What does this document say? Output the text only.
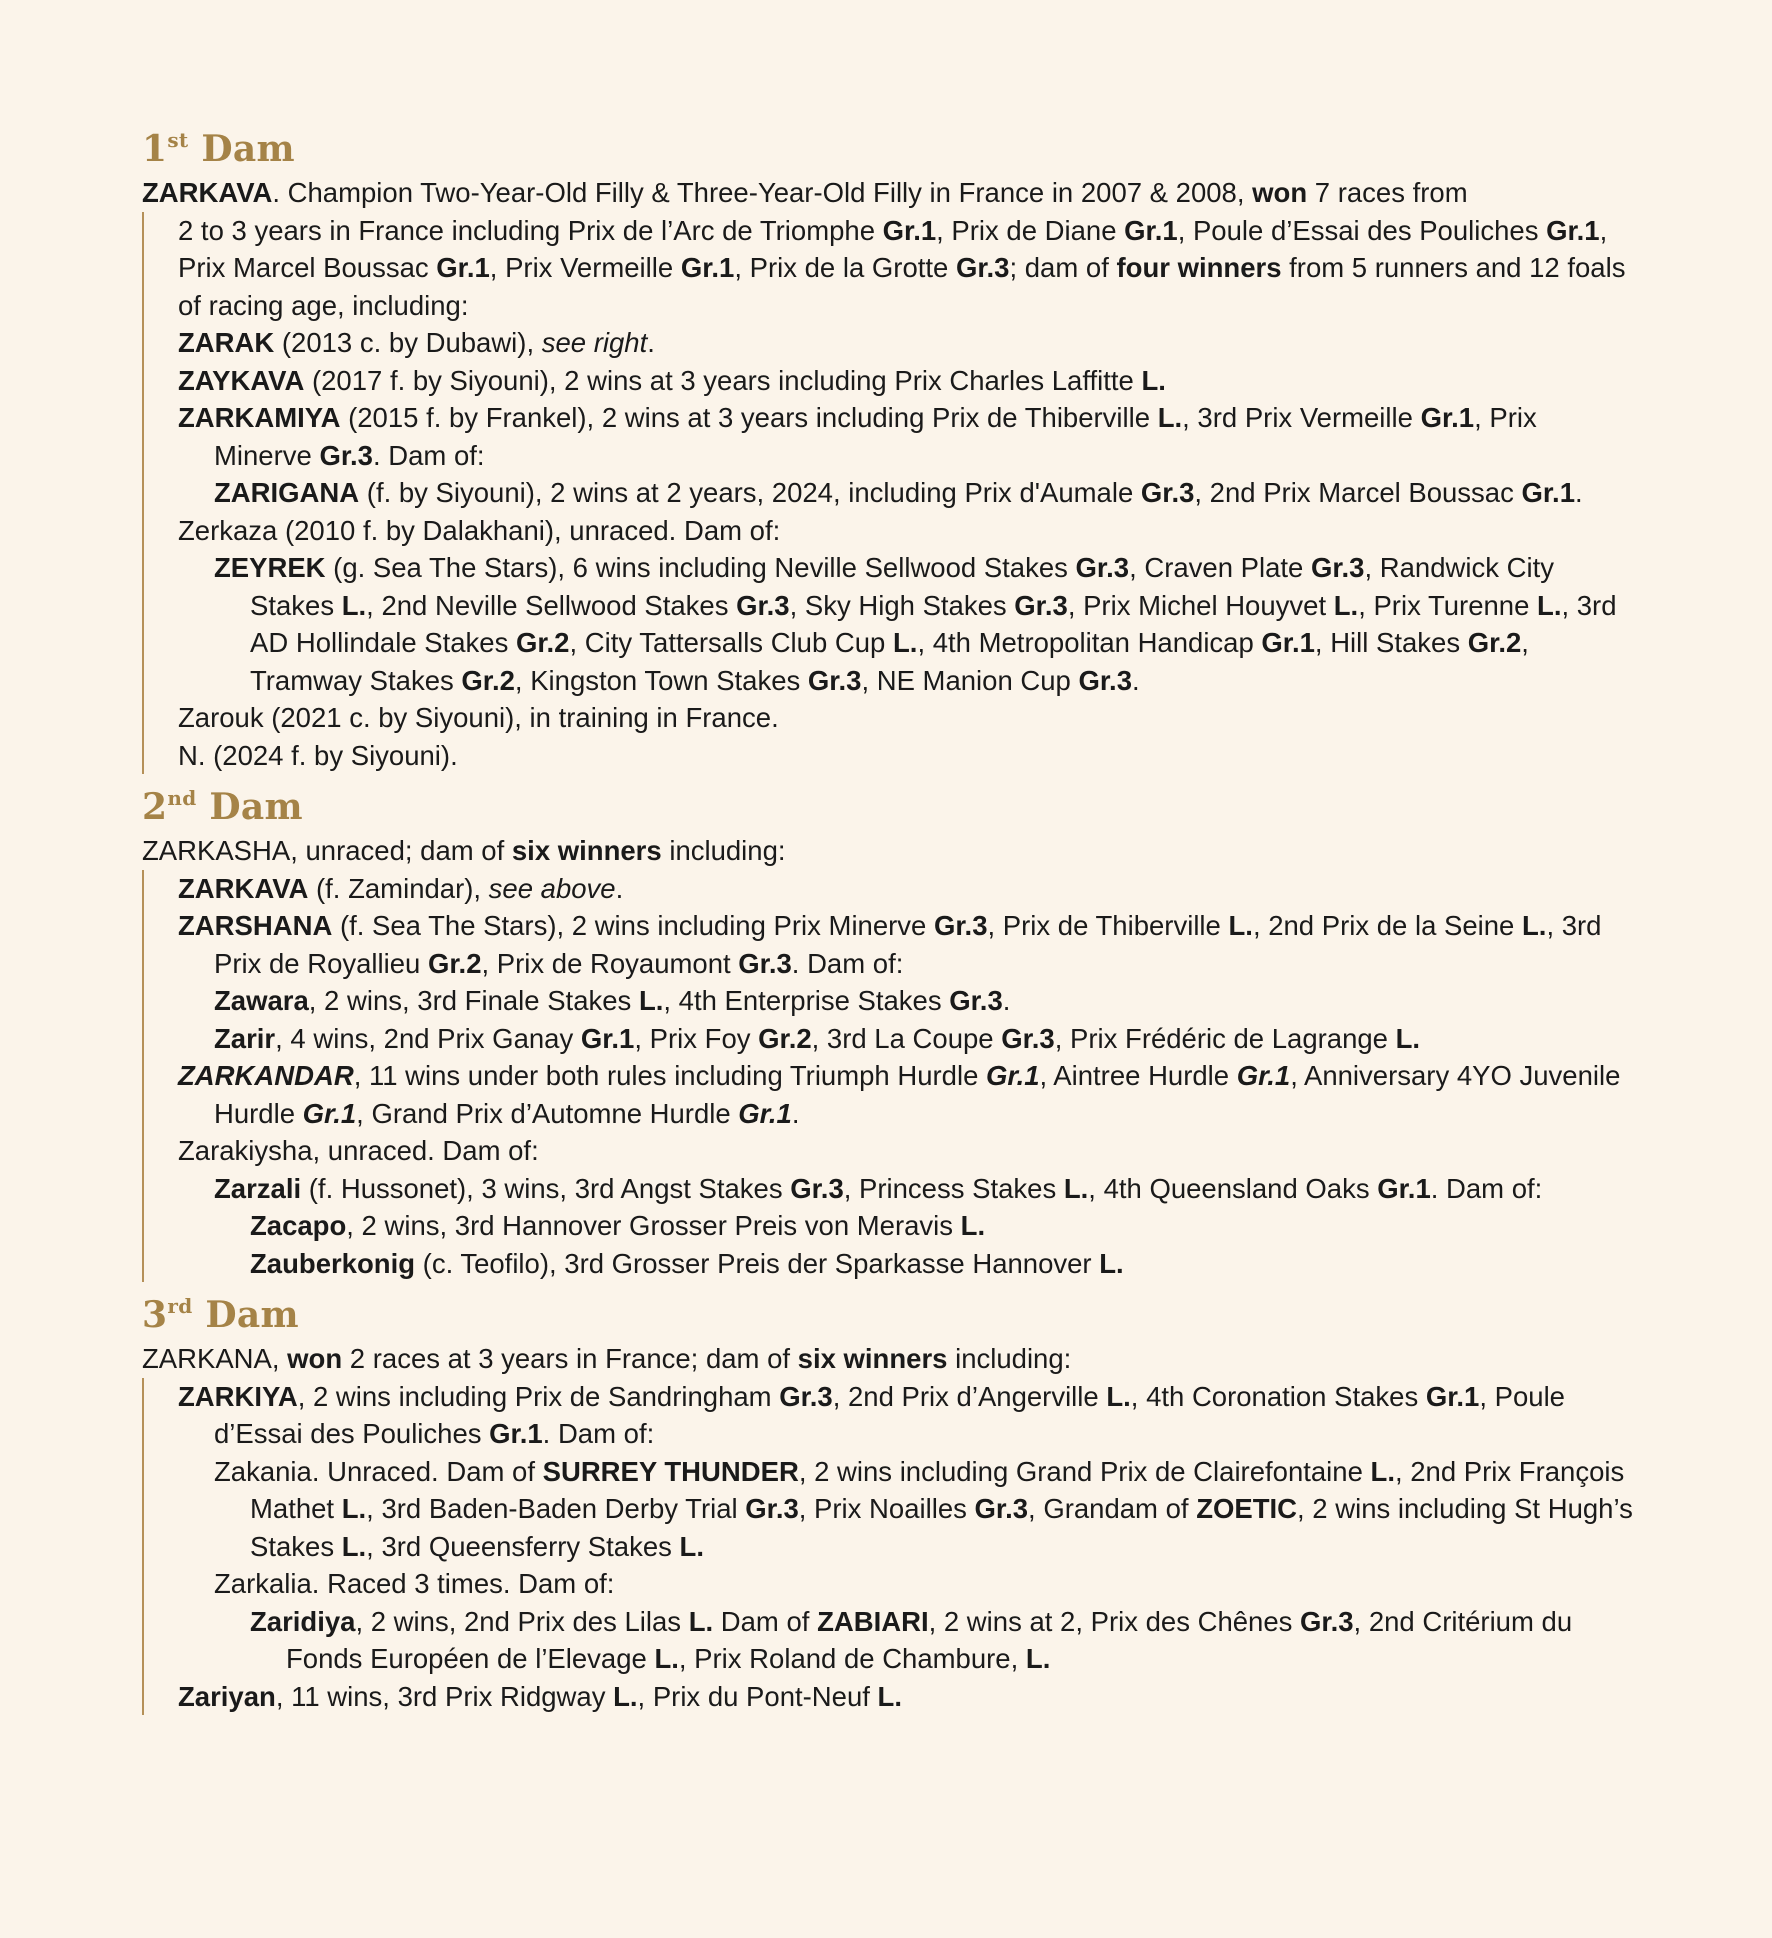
1st Dam
ZARKAVA. Champion Two-Year-Old Filly & Three-Year-Old Filly in France in 2007 & 2008, won 7 races from
2 to 3 years in France including Prix de l’Arc de Triomphe Gr.1, Prix de Diane Gr.1, Poule d’Essai des Pouliches Gr.1, Prix Marcel Boussac Gr.1, Prix Vermeille Gr.1, Prix de la Grotte Gr.3; dam of four winners from 5 runners and 12 foals of racing age, including:
ZARAK (2013 c. by Dubawi), see right.
ZAYKAVA (2017 f. by Siyouni), 2 wins at 3 years including Prix Charles Laffitte L.
ZARKAMIYA (2015 f. by Frankel), 2 wins at 3 years including Prix de Thiberville L., 3rd Prix Vermeille Gr.1, Prix Minerve Gr.3. Dam of:
ZARIGANA (f. by Siyouni), 2 wins at 2 years, 2024, including Prix d'Aumale Gr.3, 2nd Prix Marcel Boussac Gr.1.
Zerkaza (2010 f. by Dalakhani), unraced. Dam of:
ZEYREK (g. Sea The Stars), 6 wins including Neville Sellwood Stakes Gr.3, Craven Plate Gr.3, Randwick City Stakes L., 2nd Neville Sellwood Stakes Gr.3, Sky High Stakes Gr.3, Prix Michel Houyvet L., Prix Turenne L., 3rd AD Hollindale Stakes Gr.2, City Tattersalls Club Cup L., 4th Metropolitan Handicap Gr.1, Hill Stakes Gr.2, Tramway Stakes Gr.2, Kingston Town Stakes Gr.3, NE Manion Cup Gr.3.
Zarouk (2021 c. by Siyouni), in training in France.
N. (2024 f. by Siyouni).
2nd Dam
ZARKASHA, unraced; dam of six winners including:
ZARKAVA (f. Zamindar), see above.
ZARSHANA (f. Sea The Stars), 2 wins including Prix Minerve Gr.3, Prix de Thiberville L., 2nd Prix de la Seine L., 3rd Prix de Royallieu Gr.2, Prix de Royaumont Gr.3. Dam of:
Zawara, 2 wins, 3rd Finale Stakes L., 4th Enterprise Stakes Gr.3.
Zarir, 4 wins, 2nd Prix Ganay Gr.1, Prix Foy Gr.2, 3rd La Coupe Gr.3, Prix Frédéric de Lagrange L.
ZARKANDAR, 11 wins under both rules including Triumph Hurdle Gr.1, Aintree Hurdle Gr.1, Anniversary 4YO Juvenile Hurdle Gr.1, Grand Prix d’Automne Hurdle Gr.1.
Zarakiysha, unraced. Dam of:
Zarzali (f. Hussonet), 3 wins, 3rd Angst Stakes Gr.3, Princess Stakes L., 4th Queensland Oaks Gr.1. Dam of:
Zacapo, 2 wins, 3rd Hannover Grosser Preis von Meravis L.
Zauberkonig (c. Teofilo), 3rd Grosser Preis der Sparkasse Hannover L.
3rd Dam
ZARKANA, won 2 races at 3 years in France; dam of six winners including:
ZARKIYA, 2 wins including Prix de Sandringham Gr.3, 2nd Prix d’Angerville L., 4th Coronation Stakes Gr.1, Poule d’Essai des Pouliches Gr.1. Dam of:
Zakania. Unraced. Dam of SURREY THUNDER, 2 wins including Grand Prix de Clairefontaine L., 2nd Prix François Mathet L., 3rd Baden-Baden Derby Trial Gr.3, Prix Noailles Gr.3, Grandam of ZOETIC, 2 wins including St Hugh’s Stakes L., 3rd Queensferry Stakes L.
Zarkalia. Raced 3 times. Dam of:
Zaridiya, 2 wins, 2nd Prix des Lilas L. Dam of ZABIARI, 2 wins at 2, Prix des Chênes Gr.3, 2nd Critérium du Fonds Européen de l’Elevage L., Prix Roland de Chambure, L.
Zariyan, 11 wins, 3rd Prix Ridgway L., Prix du Pont-Neuf L.
